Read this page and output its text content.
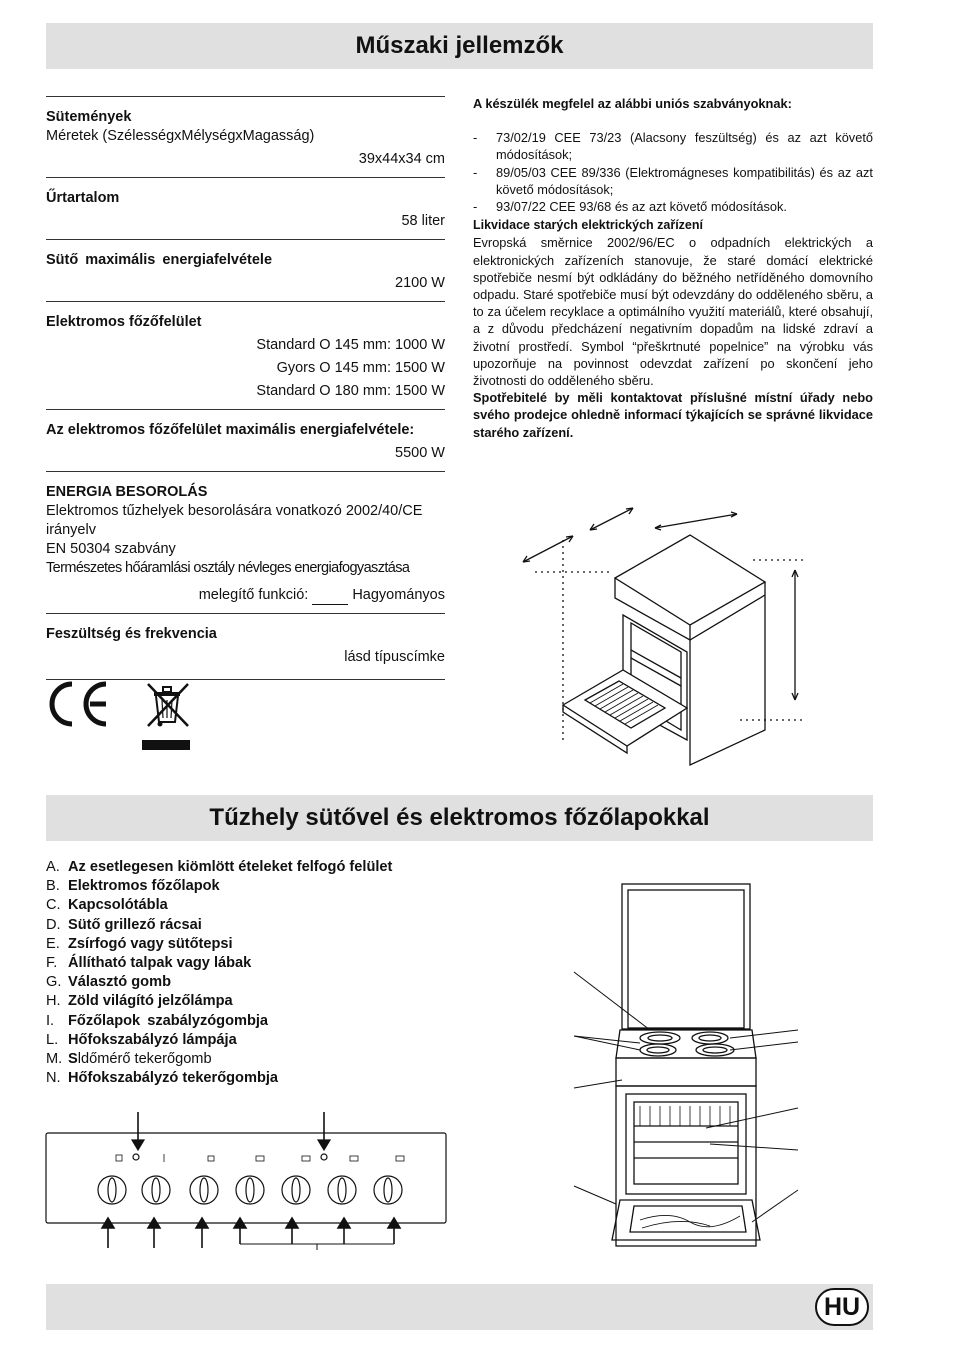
Műszaki jellemzők
Sütemények
Méretek (SzélességxMélységxMagasság)
39x44x34 cm
Űrtartalom
58 liter
Sütő maximális energiafelvétele
2100 W
Elektromos főzőfelület
Standard O 145 mm: 1000 W
Gyors O 145 mm: 1500 W
Standard O 180 mm: 1500 W
Az elektromos főzőfelület maximális energiafelvétele:
5500 W
ENERGIA BESOROLÁS
Elektromos tűzhelyek besorolására vonatkozó 2002/40/CE
irányelv
EN 50304 szabvány
Természetes hőáramlási osztály névleges energiafogyasztása
melegítő funkció:	Hagyományos
Feszültség és frekvencia
lásd típuscímke
A készülék megfelel az alábbi uniós szabványoknak:
- 73/02/19 CEE 73/23 (Alacsony feszültség) és az azt követő módosítások;
- 89/05/03 CEE 89/336 (Elektromágneses kompatibilitás) és az azt követő módosítások;
- 93/07/22 CEE 93/68 és az azt követő módosítások.
Likvidace starých elektrických zařízení
Evropská směrnice 2002/96/EC o odpadních elektrických a elektronických zařízeních stanovuje, že staré domácí elektrické spotřebiče nesmí být odkládány do běžného netříděného domovního odpadu. Staré spotřebiče musí být odevzdány do odděleného sběru, a to za účelem recyklace a optimálního využití materiálů, které obsahují, a z důvodu předcházení negativním dopadům na lidské zdraví a životní prostředí. Symbol “přeškrtnuté popelnice” na výrobku vás upozorňuje na povinnost odevzdat zařízení po skončení jeho životnosti do odděleného sběru.
Spotřebitelé by měli kontaktovat příslušné místní úřady nebo svého prodejce ohledně informací týkajících se správné likvidace starého zařízení.
Tűzhely sütővel és elektromos főzőlapokkal
A. Az esetlegesen kiömlött ételeket felfogó felület
B. Elektromos főzőlapok
C. Kapcsolótábla
D. Sütő grillező rácsai
E. Zsírfogó vagy sütőtepsi
F. Állítható talpak vagy lábak
G. Választó gomb
H. Zöld világító jelzőlámpa
I. Főzőlapok szabályzógombja
L. Hőfokszabályzó lámpája
M. Sldőmérő tekerőgomb
N. Hőfokszabályzó tekerőgombja
HU
